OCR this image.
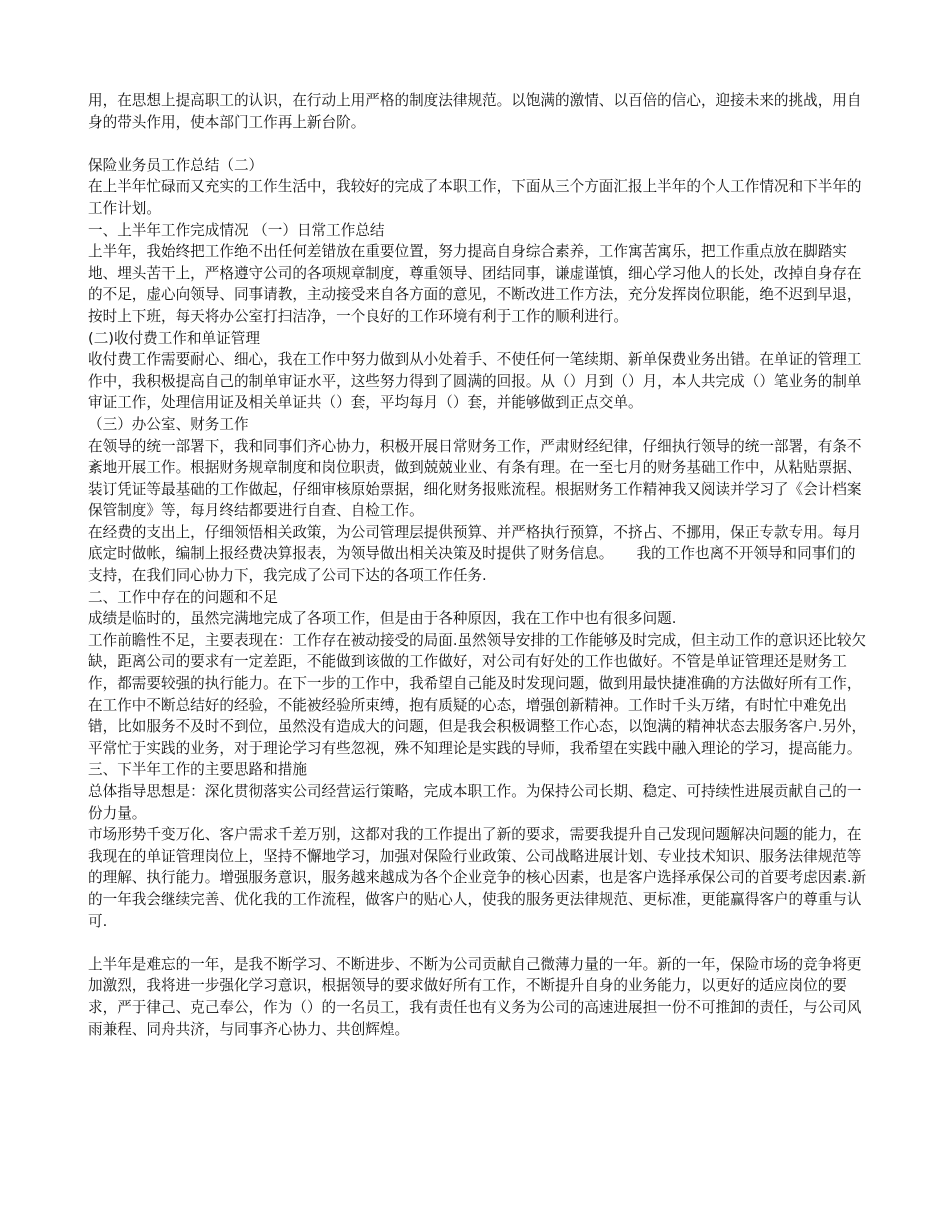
用，在思想上提高职工的认识，在行动上用严格的制度法律规范。以饱满的激情、以百倍的信心，迎接未来的挑战，用自身的带头作用，使本部门工作再上新台阶。

保险业务员工作总结（二）

在上半年忙碌而又充实的工作生活中，我较好的完成了本职工作，下面从三个方面汇报上半年的个人工作情况和下半年的工作计划。

一、上半年工作完成情况 （一）日常工作总结

上半年，我始终把工作绝不出任何差错放在重要位置，努力提高自身综合素养，工作寓苦寓乐，把工作重点放在脚踏实地、埋头苦干上，严格遵守公司的各项规章制度，尊重领导、团结同事，谦虚谨慎，细心学习他人的长处，改掉自身存在的不足，虚心向领导、同事请教，主动接受来自各方面的意见，不断改进工作方法，充分发挥岗位职能，绝不迟到早退，按时上下班，每天将办公室打扫洁净，一个良好的工作环境有利于工作的顺利进行。

(二)收付费工作和单证管理

收付费工作需要耐心、细心，我在工作中努力做到从小处着手、不使任何一笔续期、新单保费业务出错。在单证的管理工作中，我积极提高自己的制单审证水平，这些努力得到了圆满的回报。从（）月到（）月，本人共完成（）笔业务的制单审证工作，处理信用证及相关单证共（）套，平均每月（）套，并能够做到正点交单。

（三）办公室、财务工作

在领导的统一部署下，我和同事们齐心协力，积极开展日常财务工作，严肃财经纪律，仔细执行领导的统一部署，有条不紊地开展工作。根据财务规章制度和岗位职责，做到兢兢业业、有条有理。在一至七月的财务基础工作中，从粘贴票据、装订凭证等最基础的工作做起，仔细审核原始票据，细化财务报账流程。根据财务工作精神我又阅读并学习了《会计档案保管制度》等，每月终结都要进行自查、自检工作。

在经费的支出上，仔细领悟相关政策，为公司管理层提供预算、并严格执行预算，不挤占、不挪用，保正专款专用。每月底定时做帐，编制上报经费决算报表，为领导做出相关决策及时提供了财务信息。     我的工作也离不开领导和同事们的支持，在我们同心协力下，我完成了公司下达的各项工作任务.

二、工作中存在的问题和不足

成绩是临时的，虽然完满地完成了各项工作，但是由于各种原因，我在工作中也有很多问题.

工作前瞻性不足，主要表现在：工作存在被动接受的局面.虽然领导安排的工作能够及时完成，但主动工作的意识还比较欠缺，距离公司的要求有一定差距，不能做到该做的工作做好，对公司有好处的工作也做好。不管是单证管理还是财务工作，都需要较强的执行能力。在下一步的工作中，我希望自己能及时发现问题，做到用最快捷准确的方法做好所有工作，在工作中不断总结好的经验，不能被经验所束缚，抱有质疑的心态，增强创新精神。工作时千头万绪，有时忙中难免出错，比如服务不及时不到位，虽然没有造成大的问题，但是我会积极调整工作心态，以饱满的精神状态去服务客户.另外，平常忙于实践的业务，对于理论学习有些忽视，殊不知理论是实践的导师，我希望在实践中融入理论的学习，提高能力。

三、下半年工作的主要思路和措施

总体指导思想是：深化贯彻落实公司经营运行策略，完成本职工作。为保持公司长期、稳定、可持续性进展贡献自己的一份力量。

市场形势千变万化、客户需求千差万别，这都对我的工作提出了新的要求，需要我提升自己发现问题解决问题的能力，在我现在的单证管理岗位上，坚持不懈地学习，加强对保险行业政策、公司战略进展计划、专业技术知识、服务法律规范等的理解、执行能力。增强服务意识，服务越来越成为各个企业竞争的核心因素，也是客户选择承保公司的首要考虑因素.新的一年我会继续完善、优化我的工作流程，做客户的贴心人，使我的服务更法律规范、更标准，更能赢得客户的尊重与认可.

上半年是难忘的一年，是我不断学习、不断进步、不断为公司贡献自己微薄力量的一年。新的一年，保险市场的竞争将更加激烈，我将进一步强化学习意识，根据领导的要求做好所有工作，不断提升自身的业务能力，以更好的适应岗位的要求，严于律己、克己奉公，作为（）的一名员工，我有责任也有义务为公司的高速进展担一份不可推卸的责任，与公司风雨兼程、同舟共济，与同事齐心协力、共创辉煌。
